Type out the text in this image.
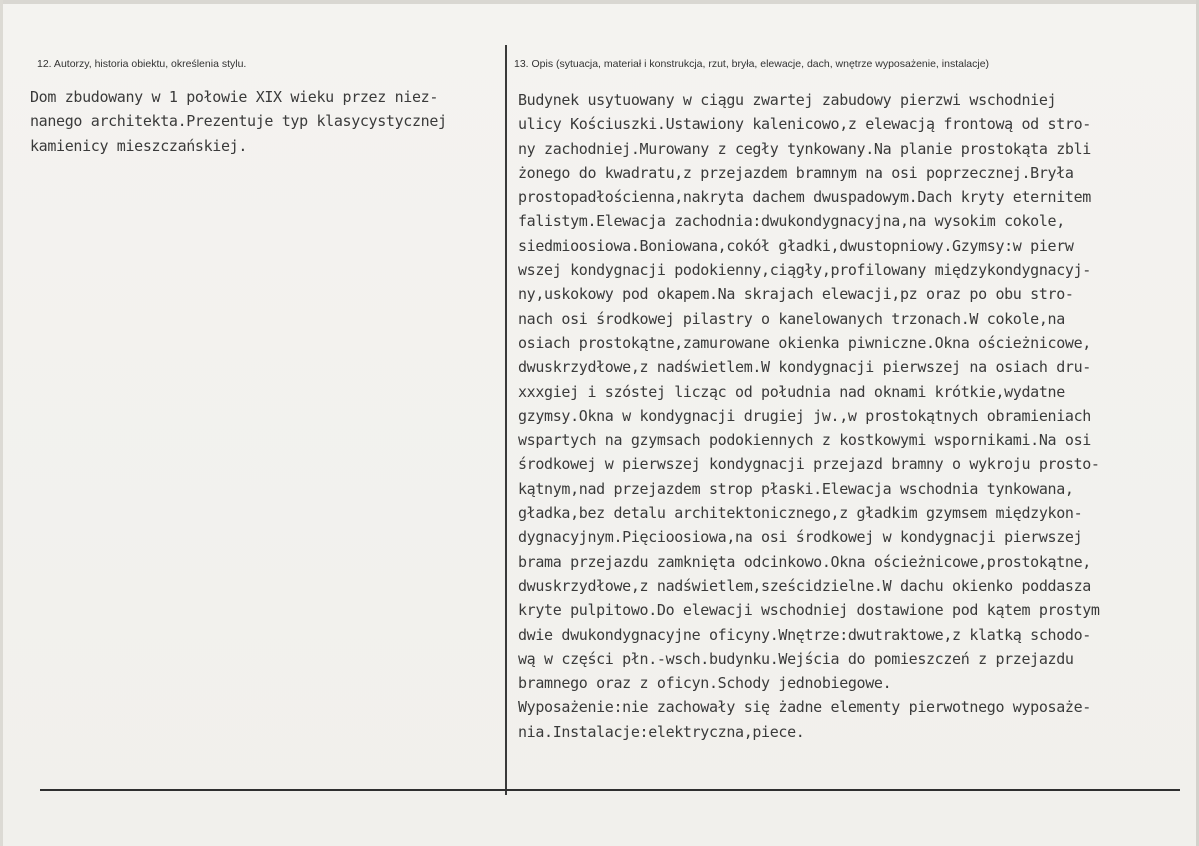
12. Autorzy, historia obiektu, określenia stylu.	13. Opis (sytuacja, materiał i konstrukcja, rzut, bryła, elewacje, dach, wnętrze wyposażenie, instalacje)
Dom zbudowany w 1 połowie XIX wieku przez niez-
nanego architekta.Prezentuje typ klasycystycznej
kamienicy mieszczańskiej.
Budynek usytuowany w ciągu zwartej zabudowy pierzwi wschodniej
ulicy Kościuszki.Ustawiony kalenicowo,z elewacją frontową od stro-
ny zachodniej.Murowany z cegły tynkowany.Na planie prostokąta zbli
żonego do kwadratu,z przejazdem bramnym na osi poprzecznej.Bryła
prostopadłościenna,nakryta dachem dwuspadowym.Dach kryty eternitem
falistym.Elewacja zachodnia:dwukondygnacyjna,na wysokim cokole,
siedmioosiowa.Boniowana,cokół gładki,dwustopniowy.Gzymsy:w pierw
wszej kondygnacji podokienny,ciągły,profilowany międzykondygnacyj-
ny,uskokowy pod okapem.Na skrajach elewacji,pz oraz po obu stro-
nach osi środkowej pilastry o kanelowanych trzonach.W cokole,na
osiach prostokątne,zamurowane okienka piwniczne.Okna ościeżnicowe,
dwuskrzydłowe,z nadświetlem.W kondygnacji pierwszej na osiach dru-
xxxgiej i szóstej licząc od południa nad oknami krótkie,wydatne
gzymsy.Okna w kondygnacji drugiej jw.,w prostokątnych obramieniach
wspartych na gzymsach podokiennych z kostkowymi wspornikami.Na osi
środkowej w pierwszej kondygnacji przejazd bramny o wykroju prosto-
kątnym,nad przejazdem strop płaski.Elewacja wschodnia tynkowana,
gładka,bez detalu architektonicznego,z gładkim gzymsem międzykon-
dygnacyjnym.Pięcioosiowa,na osi środkowej w kondygnacji pierwszej
brama przejazdu zamknięta odcinkowo.Okna ościeżnicowe,prostokątne,
dwuskrzydłowe,z nadświetlem,sześcidzielne.W dachu okienko poddasza
kryte pulpitowo.Do elewacji wschodniej dostawione pod kątem prostym
dwie dwukondygnacyjne oficyny.Wnętrze:dwutraktowe,z klatką schodo-
wą w części płn.-wsch.budynku.Wejścia do pomieszczeń z przejazdu
bramnego oraz z oficyn.Schody jednobiegowe.
Wyposażenie:nie zachowały się żadne elementy pierwotnego wyposaże-
nia.Instalacje:elektryczna,piece.
